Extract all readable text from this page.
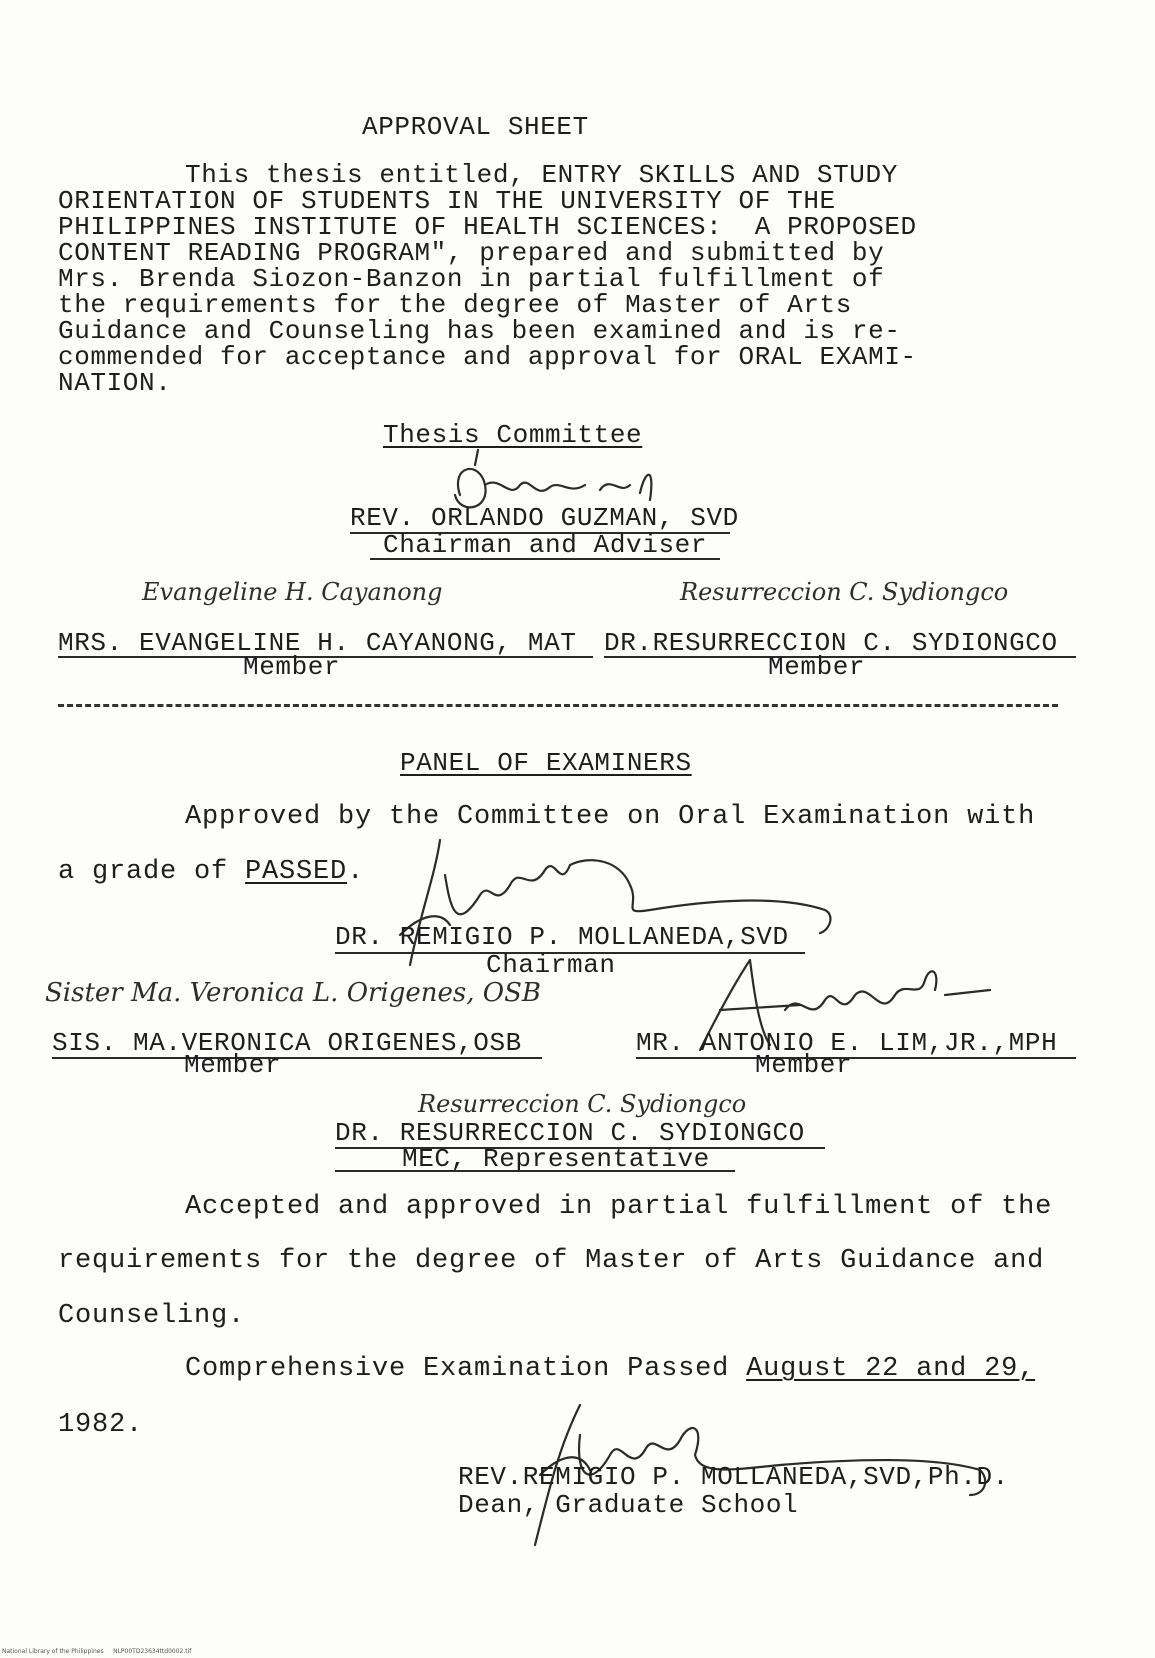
APPROVAL SHEET
This thesis entitled, ENTRY SKILLS AND STUDY
ORIENTATION OF STUDENTS IN THE UNIVERSITY OF THE
PHILIPPINES INSTITUTE OF HEALTH SCIENCES:  A PROPOSED
CONTENT READING PROGRAM", prepared and submitted by
Mrs. Brenda Siozon-Banzon in partial fulfillment of
the requirements for the degree of Master of Arts
Guidance and Counseling has been examined and is re-
commended for acceptance and approval for ORAL EXAMI-
NATION.
Thesis Committee
REV. ORLANDO GUZMAN, SVD
Chairman and Adviser
Evangeline H. Cayanong	Resurreccion C. Sydiongco
MRS. EVANGELINE H. CAYANONG, MAT DR.RESURRECCION C. SYDIONGCO
Member	Member
PANEL OF EXAMINERS
Approved by the Committee on Oral Examination with
a grade of PASSED.
DR. REMIGIO P. MOLLANEDA,SVD
Chairman
Sister Ma. Veronica L. Origenes, OSB
SIS. MA.VERONICA ORIGENES,OSB	MR. ANTONIO E. LIM,JR.,MPH
Member	Member
Resurreccion C. Sydiongco
DR. RESURRECCION C. SYDIONGCO
MEC, Representative
Accepted and approved in partial fulfillment of the
requirements for the degree of Master of Arts Guidance and
Counseling.
Comprehensive Examination Passed August 22 and 29,
1982.
REV.REMIGIO P. MOLLANEDA,SVD,Ph.D.
Dean, Graduate School
National Library of the Philippines     NLP00TD23634ttd0002.tif
